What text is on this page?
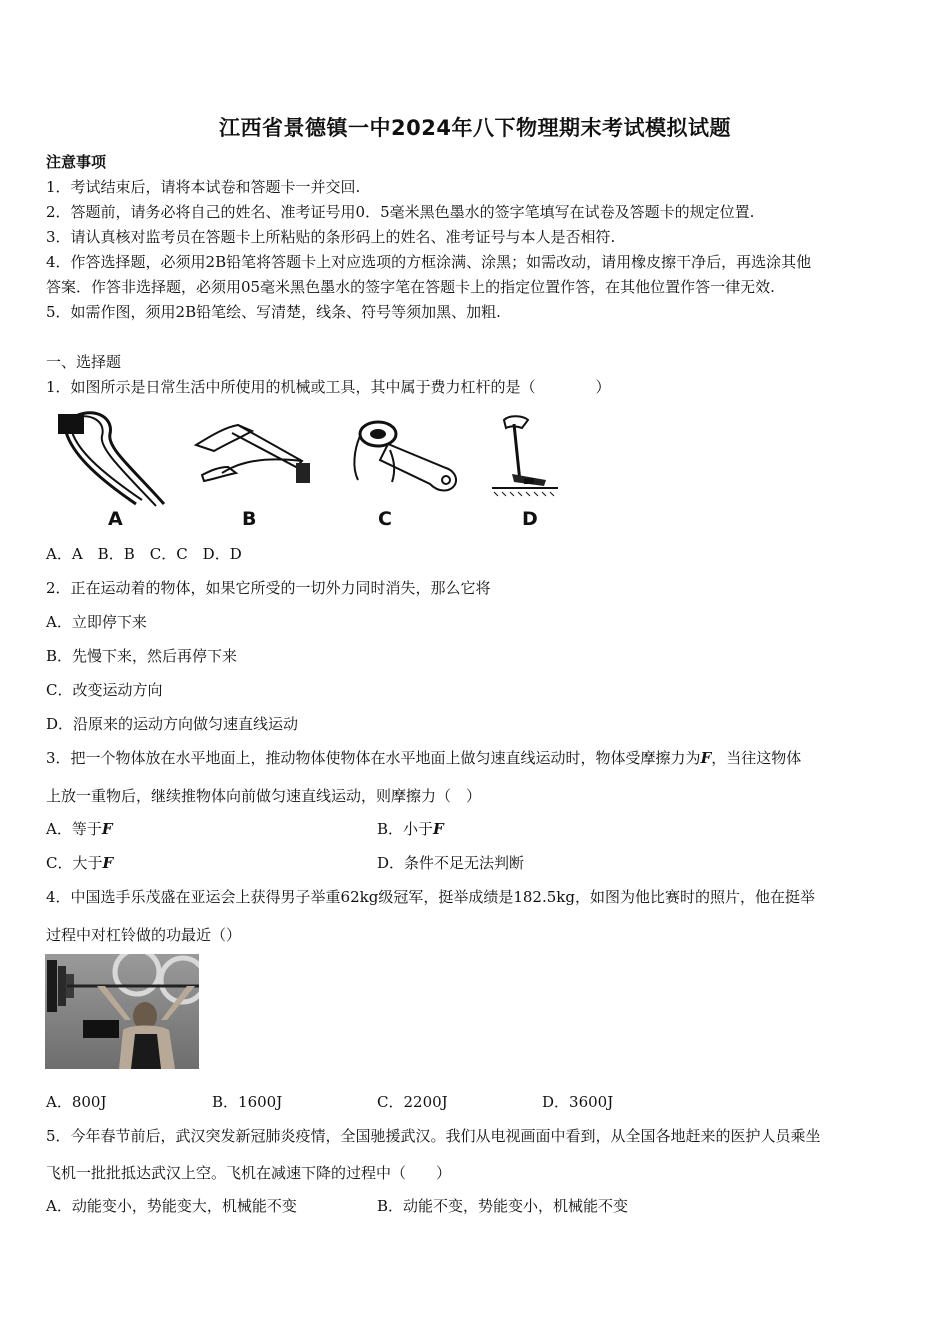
江西省景德镇一中2024年八下物理期末考试模拟试题
注意事项
1．考试结束后，请将本试卷和答题卡一并交回.
2．答题前，请务必将自己的姓名、准考证号用0．5毫米黑色墨水的签字笔填写在试卷及答题卡的规定位置.
3．请认真核对监考员在答题卡上所粘贴的条形码上的姓名、准考证号与本人是否相符.
4．作答选择题，必须用2B铅笔将答题卡上对应选项的方框涂满、涂黑；如需改动，请用橡皮擦干净后，再选涂其他
答案．作答非选择题，必须用05毫米黑色墨水的签字笔在答题卡上的指定位置作答，在其他位置作答一律无效.
5．如需作图，须用2B铅笔绘、写清楚，线条、符号等须加黑、加粗.
一、选择题
1．如图所示是日常生活中所使用的机械或工具，其中属于费力杠杆的是（　　　　）
A	B	C	D
A．A　B．B　C．C　D．D
2．正在运动着的物体，如果它所受的一切外力同时消失，那么它将
A．立即停下来
B．先慢下来，然后再停下来
C．改变运动方向
D．沿原来的运动方向做匀速直线运动
3．把一个物体放在水平地面上，推动物体使物体在水平地面上做匀速直线运动时，物体受摩擦力为F，当往这物体
上放一重物后，继续推物体向前做匀速直线运动，则摩擦力（　）
A．等于F	B．小于F
C．大于F	D．条件不足无法判断
4．中国选手乐茂盛在亚运会上获得男子举重62kg级冠军，挺举成绩是182.5kg，如图为他比赛时的照片，他在挺举
过程中对杠铃做的功最近（）
A．800J	B．1600J	C．2200J	D．3600J
5．今年春节前后，武汉突发新冠肺炎疫情，全国驰援武汉。我们从电视画面中看到，从全国各地赶来的医护人员乘坐
飞机一批批抵达武汉上空。飞机在减速下降的过程中（　　）
A．动能变小，势能变大，机械能不变	B．动能不变，势能变小，机械能不变
